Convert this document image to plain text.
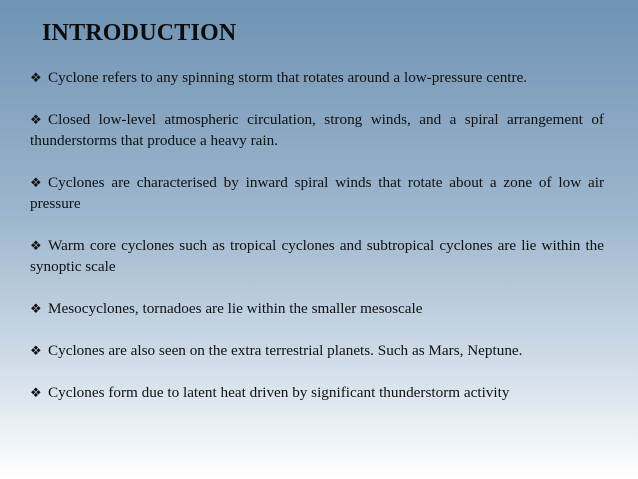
INTRODUCTION
❖ Cyclone refers to any spinning storm that rotates around a low-pressure centre.
❖ Closed low-level atmospheric circulation, strong winds, and a spiral arrangement of thunderstorms that produce a heavy rain.
❖ Cyclones are characterised by inward spiral winds that rotate about a zone of low air pressure
❖ Warm core cyclones such as tropical cyclones and subtropical cyclones are lie within the synoptic scale
❖ Mesocyclones, tornadoes are lie within the smaller mesoscale
❖ Cyclones are also seen on the extra terrestrial planets. Such as Mars, Neptune.
❖ Cyclones form due to latent heat driven by significant thunderstorm activity
